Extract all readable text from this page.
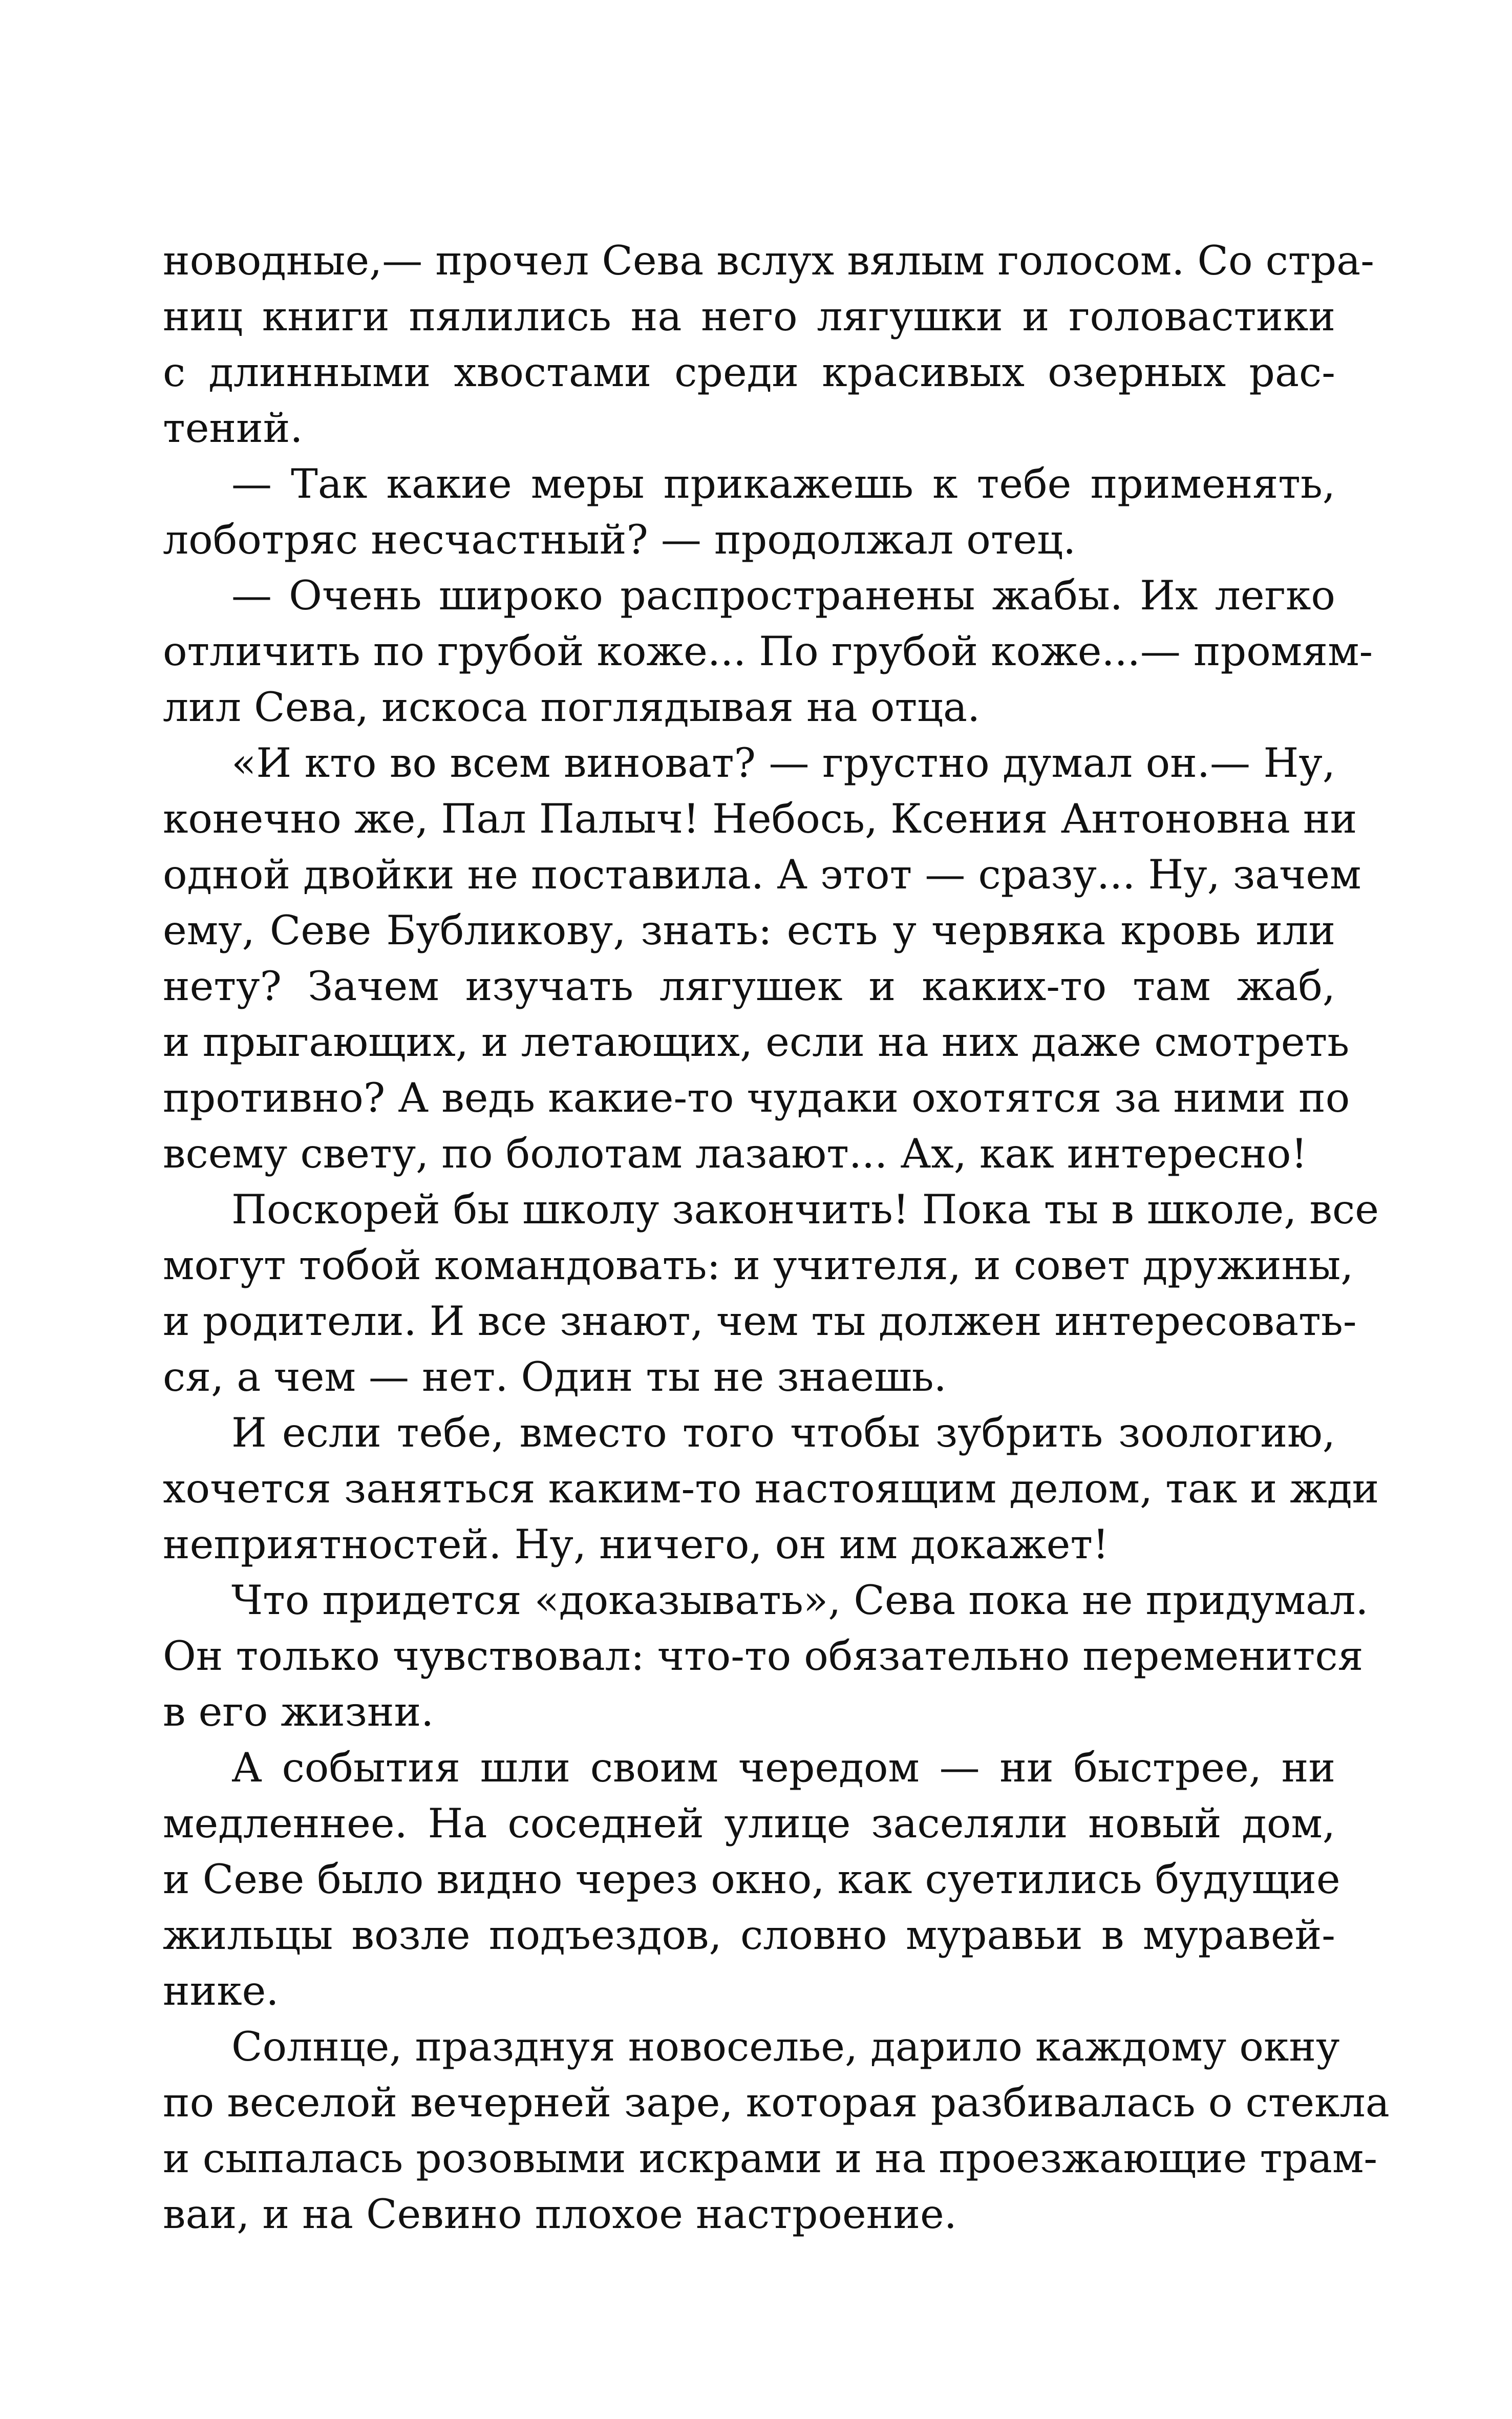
новодные,— прочел Сева вслух вялым голосом. Со стра-
ниц книги пялились на него лягушки и головастики
с длинными хвостами среди красивых озерных рас-
тений.
— Так какие меры прикажешь к тебе применять,
лоботряс несчастный? — продолжал отец.
— Очень широко распространены жабы. Их легко
отличить по грубой коже... По грубой коже...— промям-
лил Сева, искоса поглядывая на отца.
«И кто во всем виноват? — грустно думал он.— Ну,
конечно же, Пал Палыч! Небось, Ксения Антоновна ни
одной двойки не поставила. А этот — сразу... Ну, зачем
ему, Севе Бубликову, знать: есть у червяка кровь или
нету? Зачем изучать лягушек и каких-то там жаб,
и прыгающих, и летающих, если на них даже смотреть
противно? А ведь какие-то чудаки охотятся за ними по
всему свету, по болотам лазают... Ах, как интересно!
Поскорей бы школу закончить! Пока ты в школе, все
могут тобой командовать: и учителя, и совет дружины,
и родители. И все знают, чем ты должен интересовать-
ся, а чем — нет. Один ты не знаешь.
И если тебе, вместо того чтобы зубрить зоологию,
хочется заняться каким-то настоящим делом, так и жди
неприятностей. Ну, ничего, он им докажет!
Что придется «доказывать», Сева пока не придумал.
Он только чувствовал: что-то обязательно переменится
в его жизни.
А события шли своим чередом — ни быстрее, ни
медленнее. На соседней улице заселяли новый дом,
и Севе было видно через окно, как суетились будущие
жильцы возле подъездов, словно муравьи в муравей-
нике.
Солнце, празднуя новоселье, дарило каждому окну
по веселой вечерней заре, которая разбивалась о стекла
и сыпалась розовыми искрами и на проезжающие трам-
ваи, и на Севино плохое настроение.
